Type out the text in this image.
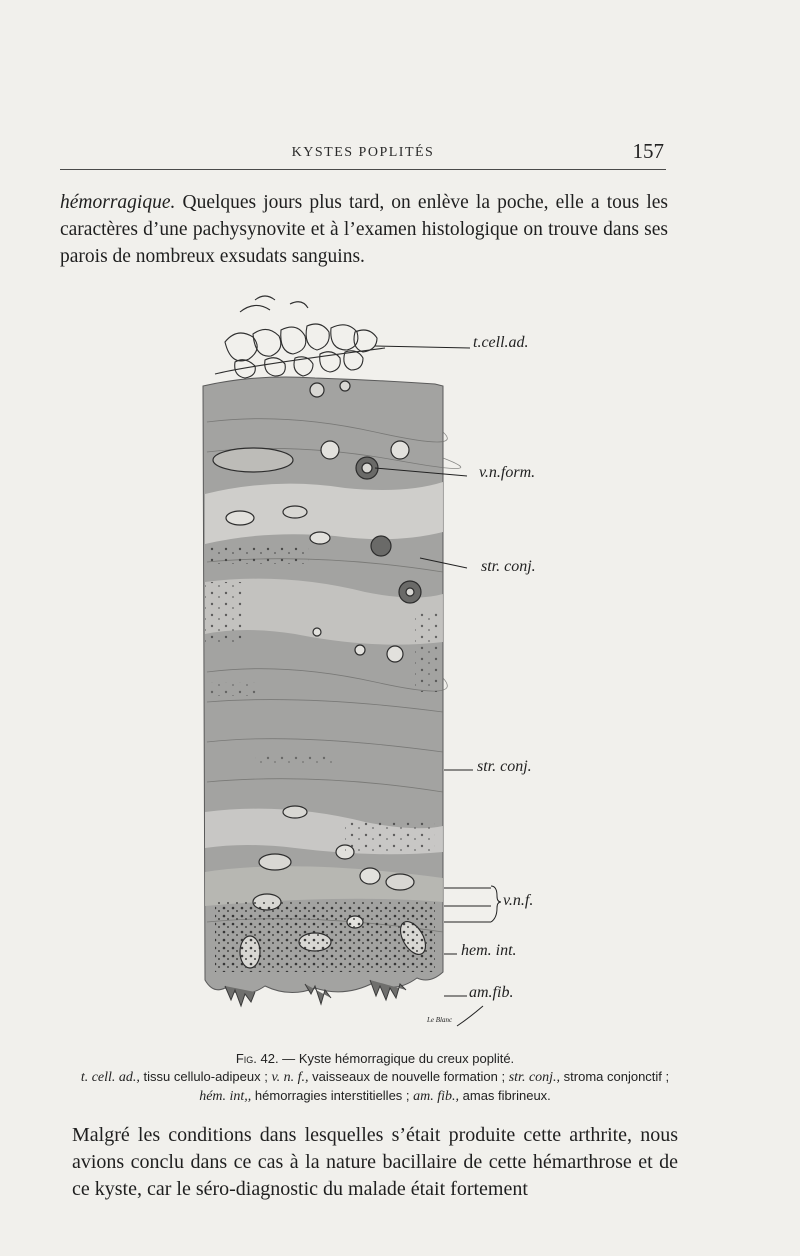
KYSTES POPLITÉS	157
hémorragique. Quelques jours plus tard, on enlève la poche, elle a tous les caractères d’une pachysynovite et à l’examen histologique on trouve dans ses parois de nombreux exsudats sanguins.
t.cell.ad.
v.n.form.
str. conj.
str. conj.
v.n.f.
hem. int.
am.fib.
Le Blanc
Fig. 42. — Kyste hémorragique du creux poplité.
t. cell. ad., tissu cellulo-adipeux ; v. n. f., vaisseaux de nouvelle formation ; str. conj., stroma conjonctif ; hém. int,, hémorragies interstitielles ; am. fib., amas fibrineux.
Malgré les conditions dans lesquelles s’était produite cette arthrite, nous avions conclu dans ce cas à la nature bacillaire de cette hémarthrose et de ce kyste, car le séro-diagnostic du malade était fortement
